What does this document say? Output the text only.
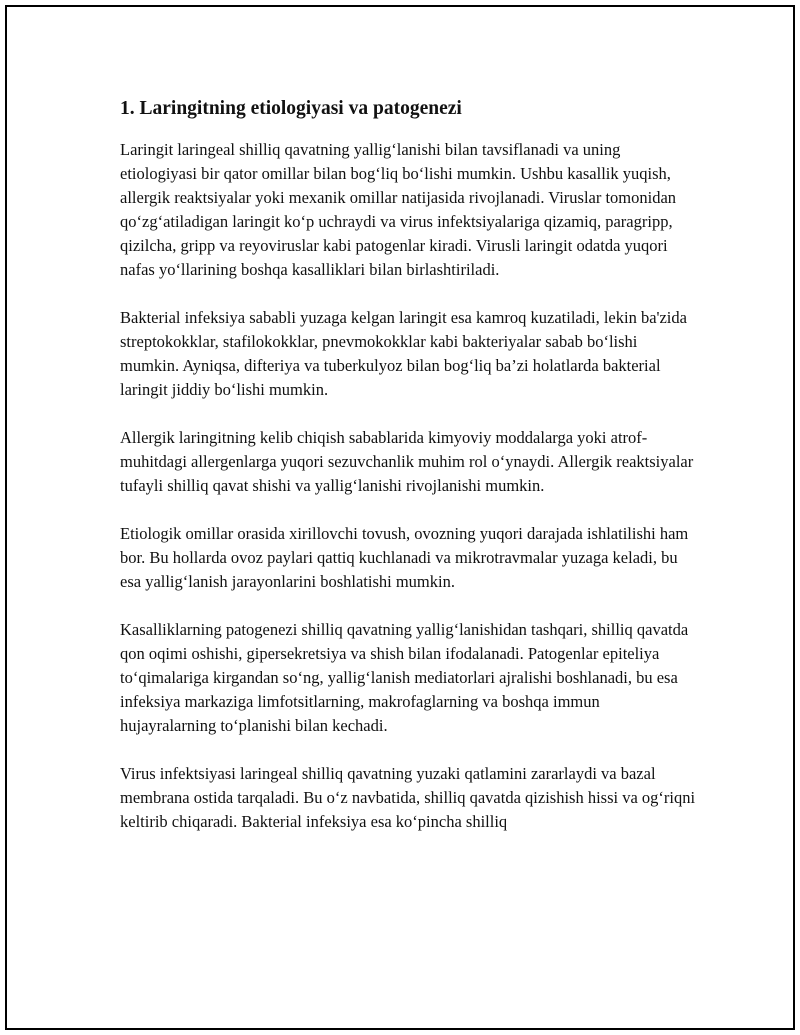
1. Laringitning etiologiyasi va patogenezi

Laringit laringeal shilliq qavatning yallig‘lanishi bilan tavsiflanadi va uning etiologiyasi bir qator omillar bilan bog‘liq bo‘lishi mumkin. Ushbu kasallik yuqish, allergik reaktsiyalar yoki mexanik omillar natijasida rivojlanadi. Viruslar tomonidan qo‘zg‘atiladigan laringit ko‘p uchraydi va virus infektsiyalariga qizamiq, paragripp, qizilcha, gripp va reyoviruslar kabi patogenlar kiradi. Virusli laringit odatda yuqori nafas yo‘llarining boshqa kasalliklari bilan birlashtiriladi.

Bakterial infeksiya sababli yuzaga kelgan laringit esa kamroq kuzatiladi, lekin ba'zida streptokokklar, stafilokokklar, pnevmokokklar kabi bakteriyalar sabab bo‘lishi mumkin. Ayniqsa, difteriya va tuberkulyoz bilan bog‘liq ba’zi holatlarda bakterial laringit jiddiy bo‘lishi mumkin.

Allergik laringitning kelib chiqish sabablarida kimyoviy moddalarga yoki atrof-muhitdagi allergenlarga yuqori sezuvchanlik muhim rol o‘ynaydi. Allergik reaktsiyalar tufayli shilliq qavat shishi va yallig‘lanishi rivojlanishi mumkin.

Etiologik omillar orasida xirillovchi tovush, ovozning yuqori darajada ishlatilishi ham bor. Bu hollarda ovoz paylari qattiq kuchlanadi va mikrotravmalar yuzaga keladi, bu esa yallig‘lanish jarayonlarini boshlatishi mumkin.

Kasalliklarning patogenezi shilliq qavatning yallig‘lanishidan tashqari, shilliq qavatda qon oqimi oshishi, gipersekretsiya va shish bilan ifodalanadi. Patogenlar epiteliya to‘qimalariga kirgandan so‘ng, yallig‘lanish mediatorlari ajralishi boshlanadi, bu esa infeksiya markaziga limfotsitlarning, makrofaglarning va boshqa immun hujayralarning to‘planishi bilan kechadi.

Virus infektsiyasi laringeal shilliq qavatning yuzaki qatlamini zararlaydi va bazal membrana ostida tarqaladi. Bu o‘z navbatida, shilliq qavatda qizishish hissi va og‘riqni keltirib chiqaradi. Bakterial infeksiya esa ko‘pincha shilliq
